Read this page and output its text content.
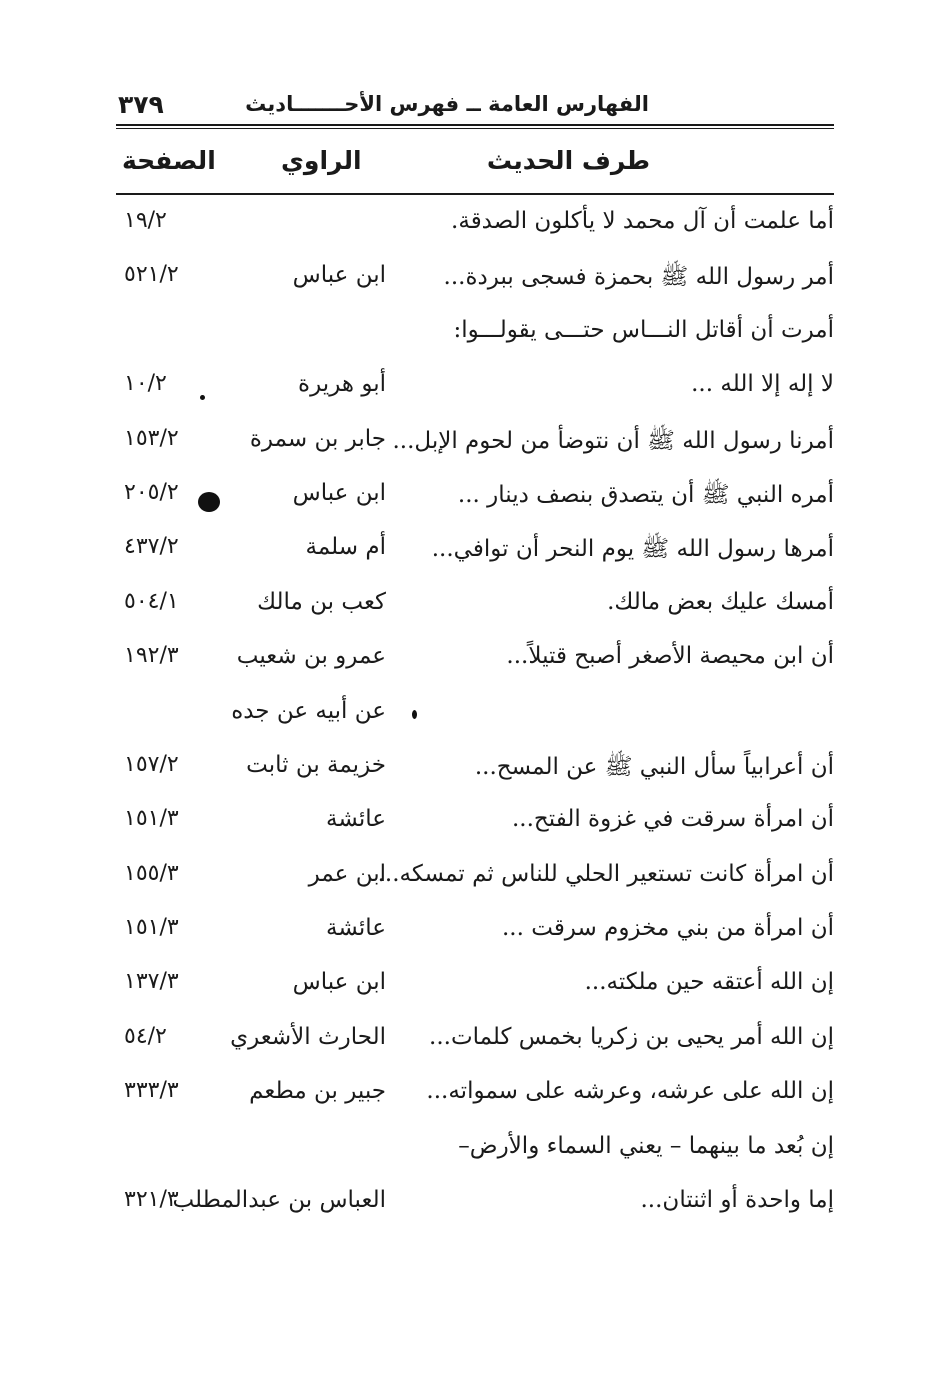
الفهارس العامة ــ فهرس الأحـــــــاديث
٣٧٩
طرف الحديث
الراوي
الصفحة
أما علمت أن آل محمد لا يأكلون الصدقة.
١٩/٢
أمر رسول الله ﷺ بحمزة فسجى ببردة...
ابن عباس
٥٢١/٢
أمرت أن أقاتل النـــاس حتـــى يقولـــوا:
لا إله إلا الله ...
أبو هريرة
١٠/٢
أمرنا رسول الله ﷺ أن نتوضأ من لحوم الإبل...
جابر بن سمرة
١٥٣/٢
أمره النبي ﷺ أن يتصدق بنصف دينار ...
ابن عباس
٢٠٥/٢
أمرها رسول الله ﷺ يوم النحر أن توافي...
أم سلمة
٤٣٧/٢
أمسك عليك بعض مالك.
كعب بن مالك
٥٠٤/١
أن ابن محيصة الأصغر أصبح قتيلاً...
عمرو بن شعيب
١٩٢/٣
عن أبيه عن جده
أن أعرابياً سأل النبي ﷺ عن المسح...
خزيمة بن ثابت
١٥٧/٢
أن امرأة سرقت في غزوة الفتح...
عائشة
١٥١/٣
أن امرأة كانت تستعير الحلي للناس ثم تمسكه...
ابن عمر
١٥٥/٣
أن امرأة من بني مخزوم سرقت ...
عائشة
١٥١/٣
إن الله أعتقه حين ملكته...
ابن عباس
١٣٧/٣
إن الله أمر يحيى بن زكريا بخمس كلمات...
الحارث الأشعري
٥٤/٢
إن الله على عرشه، وعرشه على سمواته...
جبير بن مطعم
٣٣٣/٣
إن بُعد ما بينهما – يعني السماء والأرض–
إما واحدة أو اثنتان...
العباس بن عبدالمطلب
٣٢١/٣
